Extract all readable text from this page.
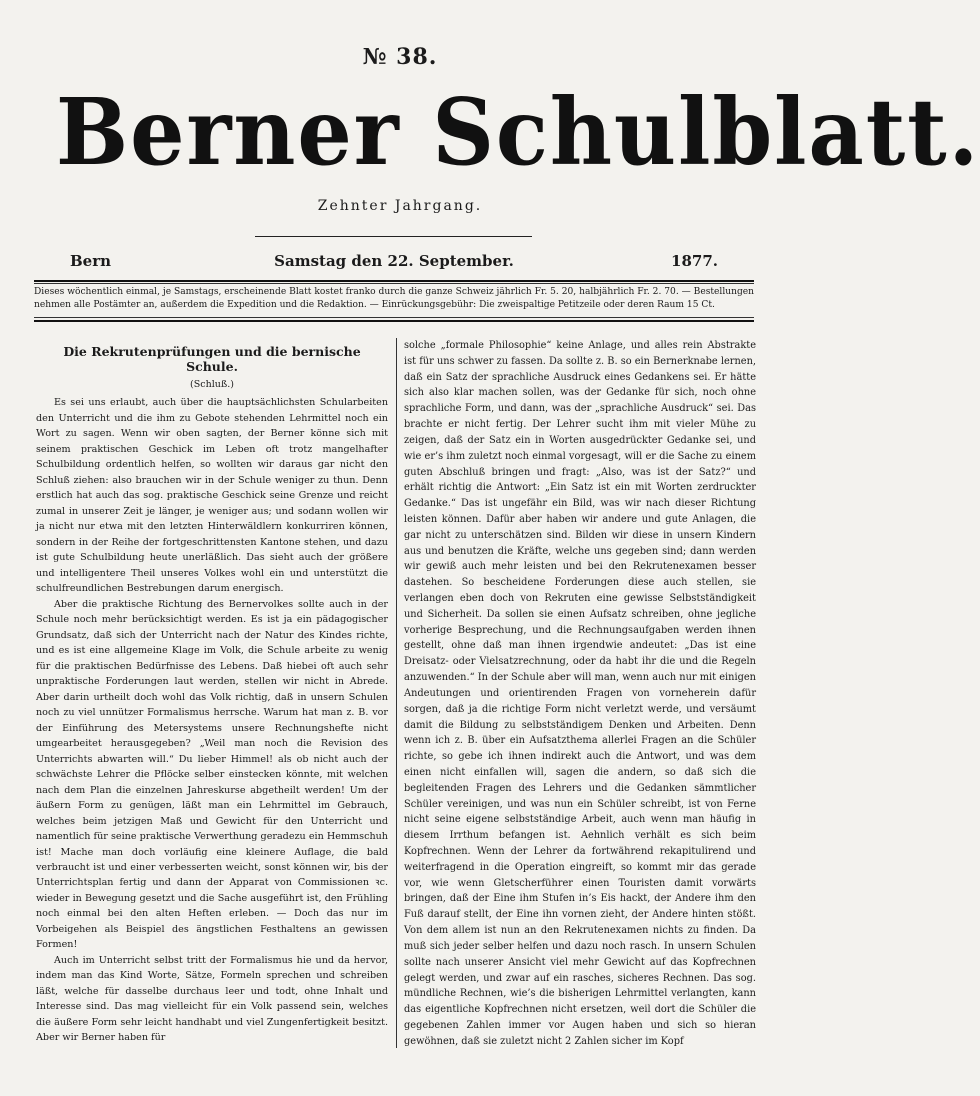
№ 38.
Berner Schulblatt.
Zehnter Jahrgang.
Bern	Samstag den 22. September.	1877.
Dieses wöchentlich einmal, je Samstags, erscheinende Blatt kostet franko durch die ganze Schweiz jährlich Fr. 5. 20, halbjährlich Fr. 2. 70. — Bestellungen nehmen alle Postämter an, außerdem die Expedition und die Redaktion. — Einrückungsgebühr: Die zweispaltige Petitzeile oder deren Raum 15 Ct.
Die Rekrutenprüfungen und die bernische Schule.
(Schluß.)

Es sei uns erlaubt, auch über die hauptsächlichsten Schularbeiten den Unterricht und die ihm zu Gebote stehenden Lehrmittel noch ein Wort zu sagen. Wenn wir oben sagten, der Berner könne sich mit seinem praktischen Geschick im Leben oft trotz mangelhafter Schulbildung ordentlich helfen, so wollten wir daraus gar nicht den Schluß ziehen: also brauchen wir in der Schule weniger zu thun. Denn erstlich hat auch das sog. praktische Geschick seine Grenze und reicht zumal in unserer Zeit je länger, je weniger aus; und sodann wollen wir ja nicht nur etwa mit den letzten Hinterwäldlern konkurriren können, sondern in der Reihe der fortgeschrittensten Kantone stehen, und dazu ist gute Schulbildung heute unerläßlich. Das sieht auch der größere und intelligentere Theil unseres Volkes wohl ein und unterstützt die schulfreundlichen Bestrebungen darum energisch.

Aber die praktische Richtung des Bernervolkes sollte auch in der Schule noch mehr berücksichtigt werden. Es ist ja ein pädagogischer Grundsatz, daß sich der Unterricht nach der Natur des Kindes richte, und es ist eine allgemeine Klage im Volk, die Schule arbeite zu wenig für die praktischen Bedürfnisse des Lebens. Daß hiebei oft auch sehr unpraktische Forderungen laut werden, stellen wir nicht in Abrede. Aber darin urtheilt doch wohl das Volk richtig, daß in unsern Schulen noch zu viel unnützer Formalismus herrsche. Warum hat man z. B. vor der Einführung des Metersystems unsere Rechnungshefte nicht umgearbeitet herausgegeben? „Weil man noch die Revision des Unterrichts abwarten will.“ Du lieber Himmel! als ob nicht auch der schwächste Lehrer die Pflöcke selber einstecken könnte, mit welchen nach dem Plan die einzelnen Jahreskurse abgetheilt werden! Um der äußern Form zu genügen, läßt man ein Lehrmittel im Gebrauch, welches beim jetzigen Maß und Gewicht für den Unterricht und namentlich für seine praktische Verwerthung geradezu ein Hemmschuh ist! Mache man doch vorläufig eine kleinere Auflage, die bald verbraucht ist und einer verbesserten weicht, sonst können wir, bis der Unterrichtsplan fertig und dann der Apparat von Commissionen ꝛc. wieder in Bewegung gesetzt und die Sache ausgeführt ist, den Frühling noch einmal bei den alten Heften erleben. — Doch das nur im Vorbeigehen als Beispiel des ängstlichen Festhaltens an gewissen Formen!

Auch im Unterricht selbst tritt der Formalismus hie und da hervor, indem man das Kind Worte, Sätze, Formeln sprechen und schreiben läßt, welche für dasselbe durchaus leer und todt, ohne Inhalt und Interesse sind. Das mag vielleicht für ein Volk passend sein, welches die äußere Form sehr leicht handhabt und viel Zungenfertigkeit besitzt. Aber wir Berner haben für

solche „formale Philosophie“ keine Anlage, und alles rein Abstrakte ist für uns schwer zu fassen. Da sollte z. B. so ein Bernerknabe lernen, daß ein Satz der sprachliche Ausdruck eines Gedankens sei. Er hätte sich also klar machen sollen, was der Gedanke für sich, noch ohne sprachliche Form, und dann, was der „sprachliche Ausdruck“ sei. Das brachte er nicht fertig. Der Lehrer sucht ihm mit vieler Mühe zu zeigen, daß der Satz ein in Worten ausgedrückter Gedanke sei, und wie er’s ihm zuletzt noch einmal vorgesagt, will er die Sache zu einem guten Abschluß bringen und fragt: „Also, was ist der Satz?“ und erhält richtig die Antwort: „Ein Satz ist ein mit Worten zerdruckter Gedanke.“ Das ist ungefähr ein Bild, was wir nach dieser Richtung leisten können. Dafür aber haben wir andere und gute Anlagen, die gar nicht zu unterschätzen sind. Bilden wir diese in unsern Kindern aus und benutzen die Kräfte, welche uns gegeben sind; dann werden wir gewiß auch mehr leisten und bei den Rekrutenexamen besser dastehen. So bescheidene Forderungen diese auch stellen, sie verlangen eben doch von Rekruten eine gewisse Selbstständigkeit und Sicherheit. Da sollen sie einen Aufsatz schreiben, ohne jegliche vorherige Besprechung, und die Rechnungsaufgaben werden ihnen gestellt, ohne daß man ihnen irgendwie andeutet: „Das ist eine Dreisatz- oder Vielsatzrechnung, oder da habt ihr die und die Regeln anzuwenden.“ In der Schule aber will man, wenn auch nur mit einigen Andeutungen und orientirenden Fragen von vorneherein dafür sorgen, daß ja die richtige Form nicht verletzt werde, und versäumt damit die Bildung zu selbstständigem Denken und Arbeiten. Denn wenn ich z. B. über ein Aufsatzthema allerlei Fragen an die Schüler richte, so gebe ich ihnen indirekt auch die Antwort, und was dem einen nicht einfallen will, sagen die andern, so daß sich die begleitenden Fragen des Lehrers und die Gedanken sämmtlicher Schüler vereinigen, und was nun ein Schüler schreibt, ist von Ferne nicht seine eigene selbstständige Arbeit, auch wenn man häufig in diesem Irrthum befangen ist. Aehnlich verhält es sich beim Kopfrechnen. Wenn der Lehrer da fortwährend rekapitulirend und weiterfragend in die Operation eingreift, so kommt mir das gerade vor, wie wenn Gletscherführer einen Touristen damit vorwärts bringen, daß der Eine ihm Stufen in’s Eis hackt, der Andere ihm den Fuß darauf stellt, der Eine ihn vornen zieht, der Andere hinten stößt. Von dem allem ist nun an den Rekrutenexamen nichts zu finden. Da muß sich jeder selber helfen und dazu noch rasch. In unsern Schulen sollte nach unserer Ansicht viel mehr Gewicht auf das Kopfrechnen gelegt werden, und zwar auf ein rasches, sicheres Rechnen. Das sog. mündliche Rechnen, wie’s die bisherigen Lehrmittel verlangten, kann das eigentliche Kopfrechnen nicht ersetzen, weil dort die Schüler die gegebenen Zahlen immer vor Augen haben und sich so hieran gewöhnen, daß sie zuletzt nicht 2 Zahlen sicher im Kopf
